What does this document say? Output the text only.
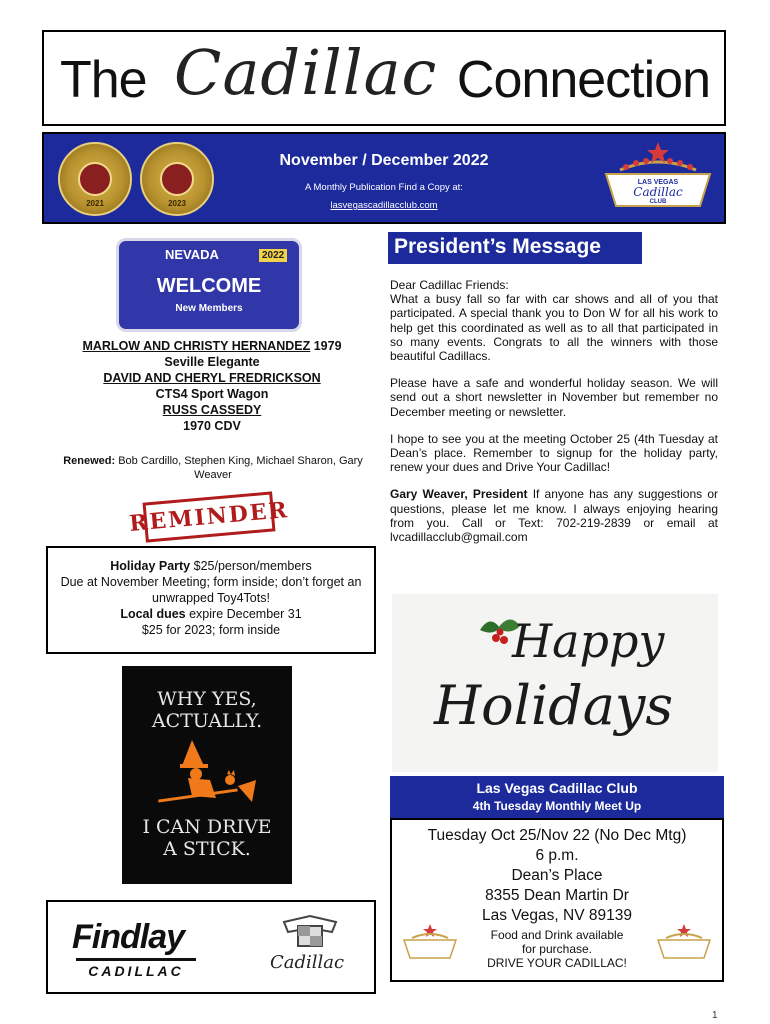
The Cadillac Connection
2021	2023
November / December 2022
A Monthly Publication Find a Copy at:
lasvegascadillacclub.com
LAS VEGAS
Cadillac
CLUB
NEVADA	2022
WELCOME
New Members
MARLOW AND CHRISTY HERNANDEZ 1979
Seville Elegante
DAVID AND CHERYL FREDRICKSON
CTS4 Sport Wagon
RUSS CASSEDY
1970 CDV
Renewed: Bob Cardillo, Stephen King, Michael Sharon, Gary Weaver
REMINDER
Holiday Party $25/person/members
Due at November Meeting; form inside; don’t forget an unwrapped Toy4Tots!
Local dues expire December 31
$25 for 2023; form inside
WHY YES,
ACTUALLY.
I CAN DRIVE
A STICK.
Findlay
CADILLAC	Cadillac
President’s Message

Dear Cadillac Friends:
What a busy fall so far with car shows and all of you that participated. A special thank you to Don W for all his work to help get this coordinated as well as to all that participated in so many events. Congrats to all the winners with those beautiful Cadillacs.

Please have a safe and wonderful holiday season. We will send out a short newsletter in November but remember no December meeting or newsletter.

I hope to see you at the meeting October 25 (4th Tuesday at Dean’s place. Remember to signup for the holiday party, renew your dues and Drive Your Cadillac!

Gary Weaver, President If anyone has any suggestions or questions, please let me know. I always enjoying hearing from you. Call or Text: 702-219-2839 or email at lvcadillacclub@gmail.com

Happy
Holidays
Las Vegas Cadillac Club
4th Tuesday Monthly Meet Up
Tuesday Oct 25/Nov 22 (No Dec Mtg)
6 p.m.
Dean’s Place
8355 Dean Martin Dr
Las Vegas, NV 89139
Food and Drink available
for purchase.
DRIVE YOUR CADILLAC!
1
